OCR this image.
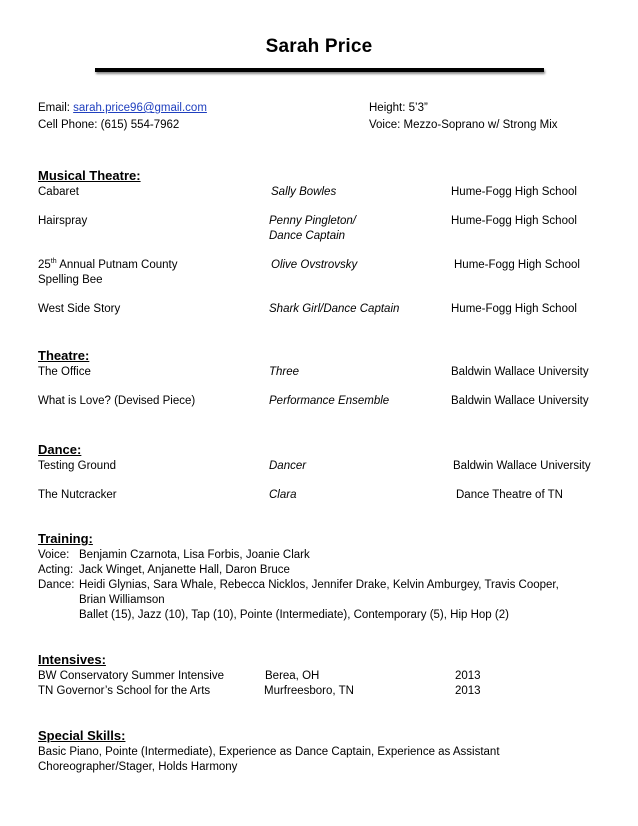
Sarah Price
Email: sarah.price96@gmail.com
Cell Phone: (615) 554-7962
Height: 5’3”
Voice: Mezzo-Soprano w/ Strong Mix
Musical Theatre:
Cabaret	Sally Bowles	Hume-Fogg High School
Hairspray	Penny Pingleton/	Hume-Fogg High School
Dance Captain
25th Annual Putnam County	Olive Ovstrovsky	Hume-Fogg High School
Spelling Bee
West Side Story	Shark Girl/Dance Captain	Hume-Fogg High School
Theatre:
The Office	Three	Baldwin Wallace University
What is Love? (Devised Piece)	Performance Ensemble	Baldwin Wallace University
Dance:
Testing Ground	Dancer	Baldwin Wallace University
The Nutcracker	Clara	Dance Theatre of TN
Training:
Voice: Benjamin Czarnota, Lisa Forbis, Joanie Clark
Acting: Jack Winget, Anjanette Hall, Daron Bruce
Dance: Heidi Glynias, Sara Whale, Rebecca Nicklos, Jennifer Drake, Kelvin Amburgey, Travis Cooper,
Brian Williamson
Ballet (15), Jazz (10), Tap (10), Pointe (Intermediate), Contemporary (5), Hip Hop (2)
Intensives:
BW Conservatory Summer Intensive	Berea, OH	2013
TN Governor’s School for the Arts	Murfreesboro, TN	2013
Special Skills:
Basic Piano, Pointe (Intermediate), Experience as Dance Captain, Experience as Assistant
Choreographer/Stager, Holds Harmony
